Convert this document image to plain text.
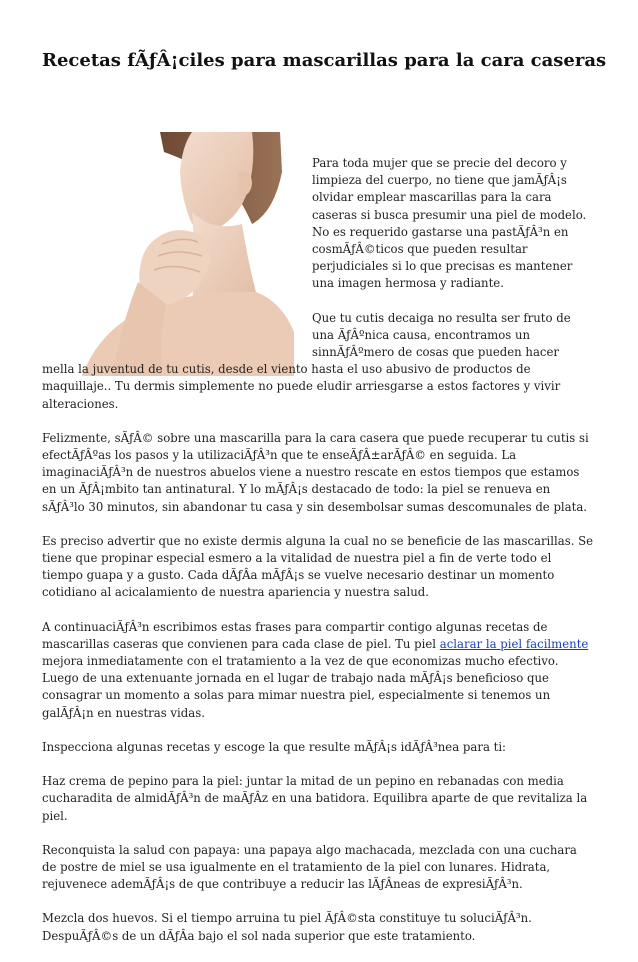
Recetas fÃƒÂ¡ciles para mascarillas para la cara caseras

Para toda mujer que se precie del decoro y limpieza del cuerpo, no tiene que jamÃƒÂ¡s olvidar emplear mascarillas para la cara caseras si busca presumir una piel de modelo. No es requerido gastarse una pastÃƒÂ³n en cosmÃƒÂ©ticos que pueden resultar perjudiciales si lo que precisas es mantener una imagen hermosa y radiante.

Que tu cutis decaiga no resulta ser fruto de una ÃƒÂºnica causa, encontramos un sinnÃƒÂºmero de cosas que pueden hacer mella la juventud de tu cutis, desde el viento hasta el uso abusivo de productos de maquillaje.. Tu dermis simplemente no puede eludir arriesgarse a estos factores y vivir alteraciones.

Felizmente, sÃƒÂ© sobre una mascarilla para la cara casera que puede recuperar tu cutis si efectÃƒÂºas los pasos y la utilizaciÃƒÂ³n que te enseÃƒÂ±arÃƒÂ© en seguida. La imaginaciÃƒÂ³n de nuestros abuelos viene a nuestro rescate en estos tiempos que estamos en un ÃƒÂ¡mbito tan antinatural. Y lo mÃƒÂ¡s destacado de todo: la piel se renueva en sÃƒÂ³lo 30 minutos, sin abandonar tu casa y sin desembolsar sumas descomunales de plata.

Es preciso advertir que no existe dermis alguna la cual no se beneficie de las mascarillas. Se tiene que propinar especial esmero a la vitalidad de nuestra piel a fin de verte todo el tiempo guapa y a gusto. Cada dÃƒÂa mÃƒÂ¡s se vuelve necesario destinar un momento cotidiano al acicalamiento de nuestra apariencia y nuestra salud.

A continuaciÃƒÂ³n escribimos estas frases para compartir contigo algunas recetas de mascarillas caseras que convienen para cada clase de piel. Tu piel aclarar la piel facilmente mejora inmediatamente con el tratamiento a la vez de que economizas mucho efectivo. Luego de una extenuante jornada en el lugar de trabajo nada mÃƒÂ¡s beneficioso que consagrar un momento a solas para mimar nuestra piel, especialmente si tenemos un galÃƒÂ¡n en nuestras vidas.

Inspecciona algunas recetas y escoge la que resulte mÃƒÂ¡s idÃƒÂ³nea para ti:

Haz crema de pepino para la piel: juntar la mitad de un pepino en rebanadas con media cucharadita de almidÃƒÂ³n de maÃƒÂz en una batidora. Equilibra aparte de que revitaliza la piel.

Reconquista la salud con papaya: una papaya algo machacada, mezclada con una cuchara de postre de miel se usa igualmente en el tratamiento de la piel con lunares. Hidrata, rejuvenece ademÃƒÂ¡s de que contribuye a reducir las lÃƒÂneas de expresiÃƒÂ³n.

Mezcla dos huevos. Si el tiempo arruina tu piel ÃƒÂ©sta constituye tu soluciÃƒÂ³n. DespuÃƒÂ©s de un dÃƒÂa bajo el sol nada superior que este tratamiento.
